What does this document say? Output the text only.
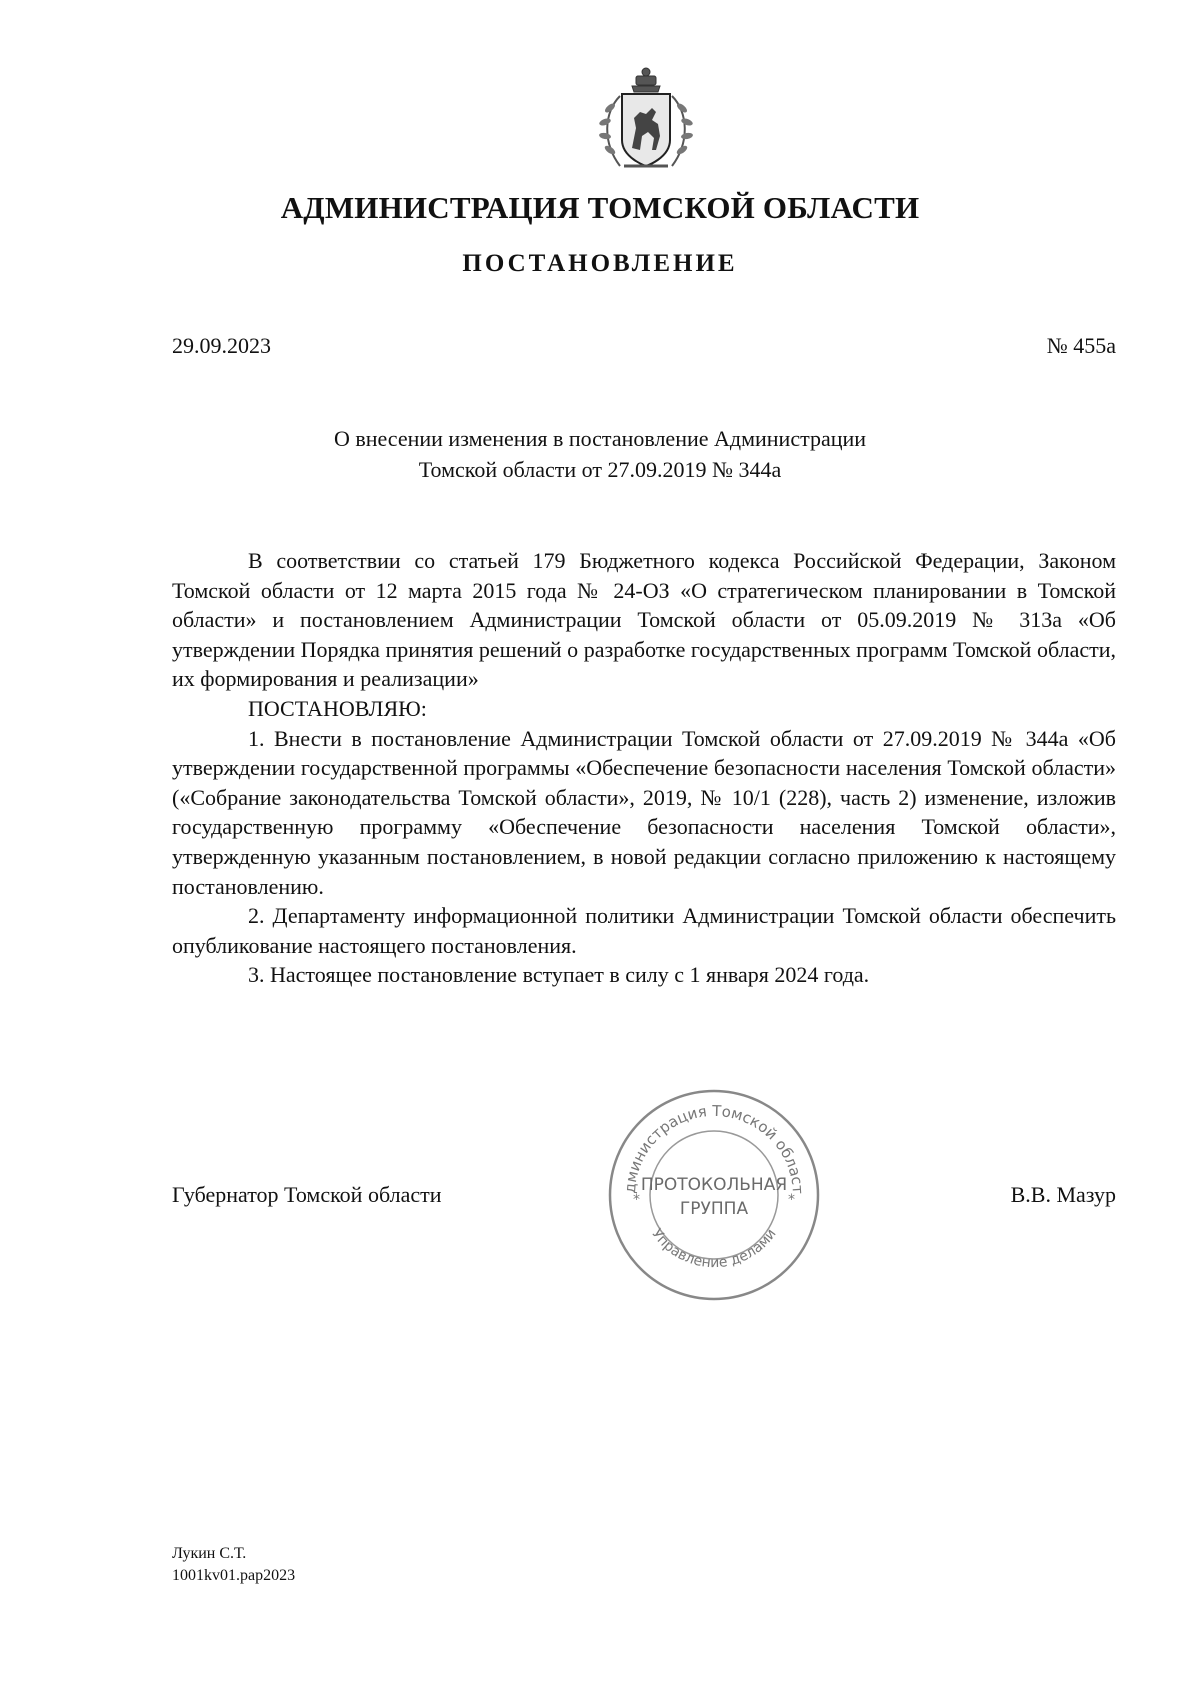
АДМИНИСТРАЦИЯ ТОМСКОЙ ОБЛАСТИ
ПОСТАНОВЛЕНИЕ
29.09.2023	№ 455а
О внесении изменения в постановление Администрации
Томской области от 27.09.2019 № 344а

В соответствии со статьей 179 Бюджетного кодекса Российской Федерации, Законом Томской области от 12 марта 2015 года № 24-ОЗ «О стратегическом планировании в Томской области» и постановлением Администрации Томской области от 05.09.2019 № 313а «Об утверждении Порядка принятия решений о разработке государственных программ Томской области, их формирования и реализации»

ПОСТАНОВЛЯЮ:

1. Внести в постановление Администрации Томской области от 27.09.2019 № 344а «Об утверждении государственной программы «Обеспечение безопасности населения Томской области» («Собрание законодательства Томской области», 2019, № 10/1 (228), часть 2) изменение, изложив государственную программу «Обеспечение безопасности населения Томской области», утвержденную указанным постановлением, в новой редакции согласно приложению к настоящему постановлению.

2. Департаменту информационной политики Администрации Томской области обеспечить опубликование настоящего постановления.

3. Настоящее постановление вступает в силу с 1 января 2024 года.

Губернатор Томской области	В.В. Мазур
дминистрация Томской област
Управление делами
*	*
ПРОТОКОЛЬНАЯ
ГРУППА
Лукин С.Т.
1001kv01.pap2023
